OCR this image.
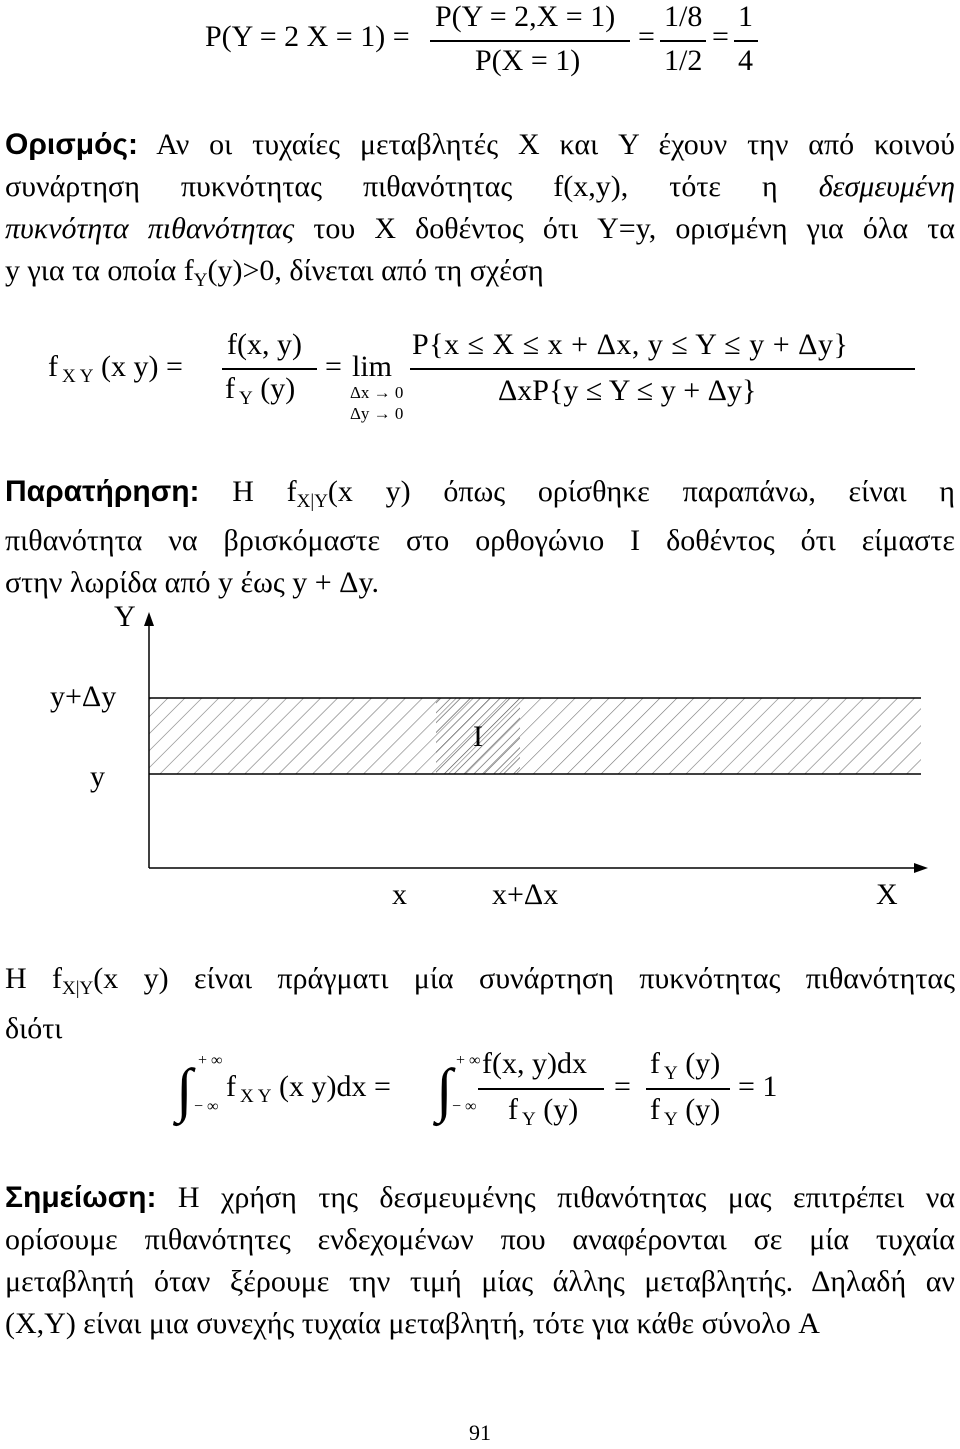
P(Y = 2 X = 1) =
P(Y = 2,X = 1)
P(X = 1)
=
1/8
1/2
=
1
4
Ορισμός: Αν οι τυχαίες μεταβλητές X και Y έχουν την από κοινού
συνάρτηση πυκνότητας πιθανότητας f(x,y), τότε η δεσμευμένη
πυκνότητα πιθανότητας του X δοθέντος ότι Y=y, ορισμένη για όλα τα
y για τα οποία $f_Y(y)>0$, δίνεται από τη σχέση
f $_{X Y}$ (x y) =
f(x, y)
f $_Y$ (y)
= lim
Δx → 0
Δy → 0
P{x ≤ X ≤ x + Δx, y ≤ Y ≤ y + Δy}
ΔxP{y ≤ Y ≤ y + Δy}
Παρατήρηση: Η $f_{X|Y}(x$ y) όπως ορίσθηκε παραπάνω, είναι η
πιθανότητα να βρισκόμαστε στο ορθογώνιο I δοθέντος ότι είμαστε
στην λωρίδα από y έως y + Δy.
Y
y+Δy
y
I
x	x+Δx	X
Η $f_{X|Y}(x$ y) είναι πράγματι μία συνάρτηση πυκνότητας πιθανότητας
διότι
∫ + ∞
− ∞
f $_{X Y}$ (x y)dx = ∫ + ∞
− ∞
f(x, y)dx
f $_Y$ (y)
=
f $_Y$ (y)
f $_Y$ (y)
= 1
Σημείωση: Η χρήση της δεσμευμένης πιθανότητας μας επιτρέπει να
ορίσουμε πιθανότητες ενδεχομένων που αναφέρονται σε μία τυχαία
μεταβλητή όταν ξέρουμε την τιμή μίας άλλης μεταβλητής. Δηλαδή αν
(X,Y) είναι μια συνεχής τυχαία μεταβλητή, τότε για κάθε σύνολο A
91
